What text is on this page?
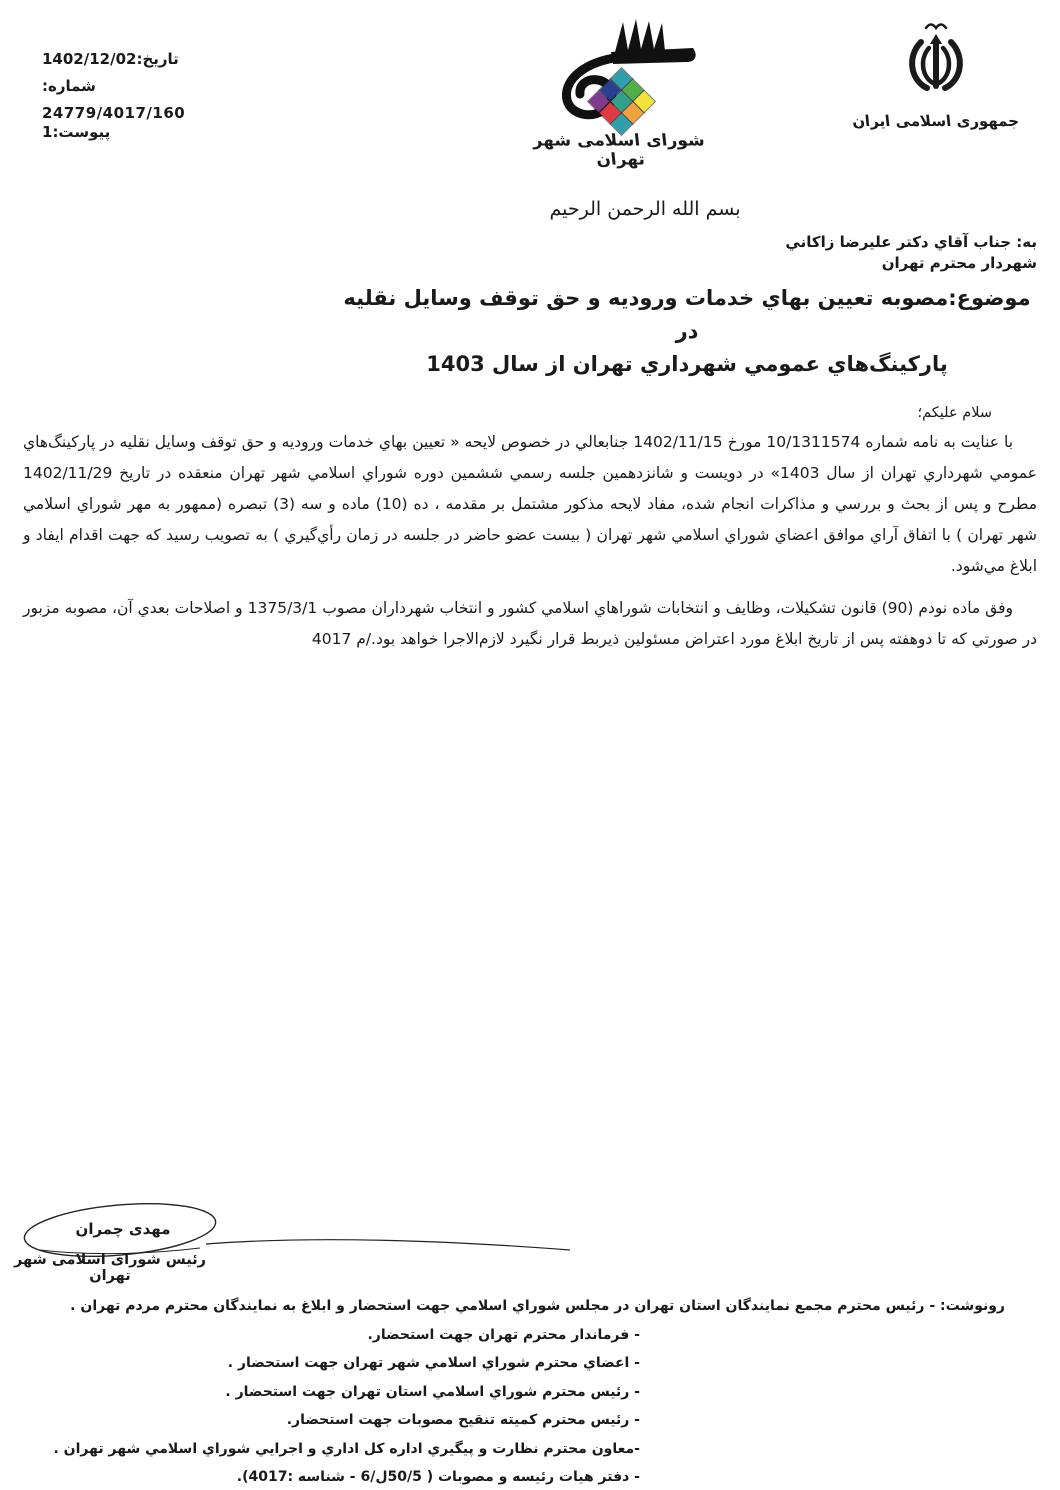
تاریخ:1402/12/02
شماره:
24779/4017/160
پیوست:1	شورای اسلامی شهر تهران
جمهوری اسلامی ایران
بسم الله الرحمن الرحیم
به: جناب آقاي دكتر عليرضا زاكاني
شهردار محترم تهران
موضوع:مصوبه تعیین بهاي خدمات ورودیه و حق توقف وسایل نقلیه در
پارکینگ‌هاي عمومي شهرداري تهران از سال 1403
سلام علیکم؛

با عنایت به نامه شماره 10/1311574 مورخ 1402/11/15 جنابعالي در خصوص لایحه « تعیین بهاي خدمات ورودیه و حق توقف وسایل نقلیه در پارکینگ‌هاي عمومي شهرداري تهران از سال 1403» در دویست و شانزدهمین جلسه رسمي ششمین دوره شوراي اسلامي شهر تهران منعقده در تاریخ 1402/11/29 مطرح و پس از بحث و بررسي و مذاکرات انجام شده، مفاد لایحه مذکور مشتمل بر مقدمه ، ده (10) ماده و سه (3) تبصره (ممهور به مهر شوراي اسلامي شهر تهران ) با اتفاق آراي موافق اعضاي شوراي اسلامي شهر تهران ( بیست عضو حاضر در جلسه در زمان رأي‌گیري ) به تصویب رسید كه جهت اقدام ایفاد و ابلاغ مي‌شود.

وفق ماده نودم (90) قانون تشكیلات، وظایف و انتخابات شوراهاي اسلامي كشور و انتخاب شهرداران مصوب 1375/3/1 و اصلاحات بعدي آن، مصوبه مزبور در صورتي كه تا دوهفته پس از تاریخ ابلاغ مورد اعتراض مسئولین ذیربط قرار نگیرد لازم‌الاجرا خواهد بود./م 4017

مهدی چمران
رئیس شورای اسلامی شهر تهران
رونوشت: - رئیس محترم مجمع نمایندگان استان تهران در مجلس شوراي اسلامي جهت استحضار و ابلاغ به نمایندگان محترم مردم تهران .
- فرماندار محترم تهران جهت استحضار.
- اعضاي محترم شوراي اسلامي شهر تهران جهت استحضار .
- رئیس محترم شوراي اسلامي استان تهران جهت استحضار .
- رئیس محترم كمیته تنقیح مصوبات جهت استحضار.
-معاون محترم نظارت و پیگیري اداره كل اداري و اجرایي شوراي اسلامي شهر تهران .
- دفتر هیات رئیسه و مصوبات ( 50/5ل/6 - شناسه :4017).
